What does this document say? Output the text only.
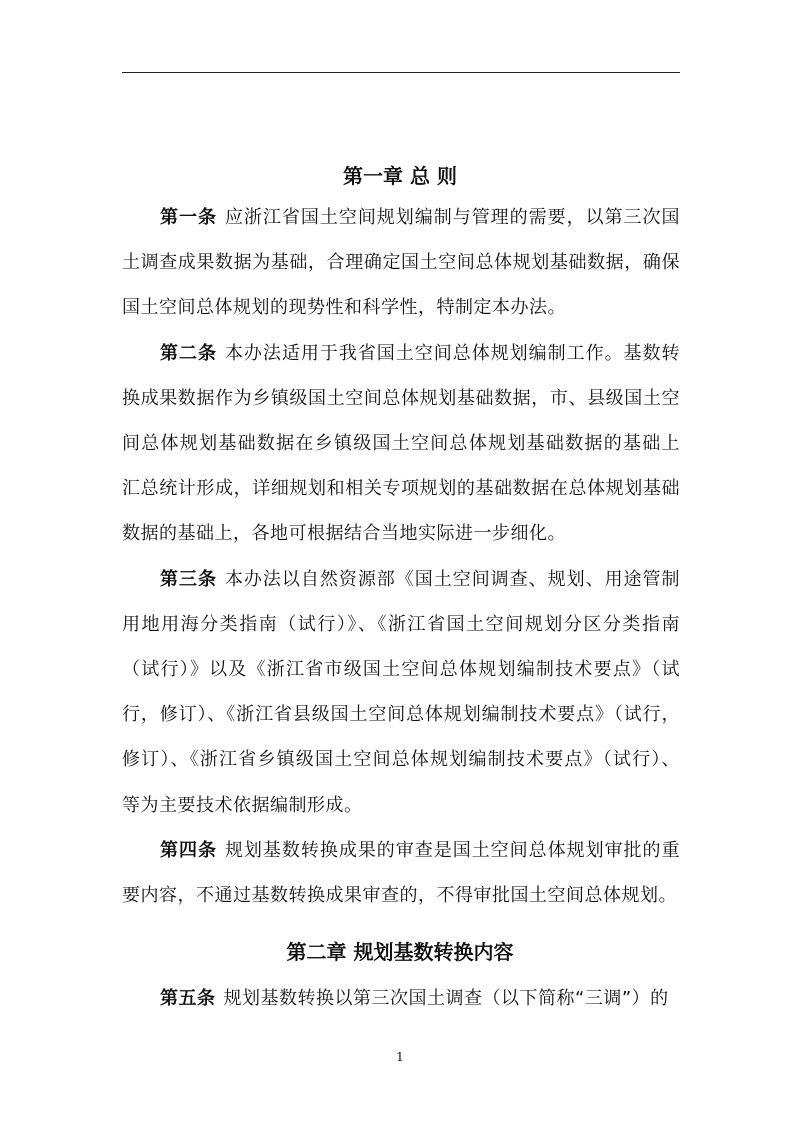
第一章 总 则
第一条 应浙江省国土空间规划编制与管理的需要，以第三次国
土调查成果数据为基础，合理确定国土空间总体规划基础数据，确保
国土空间总体规划的现势性和科学性，特制定本办法。
第二条 本办法适用于我省国土空间总体规划编制工作。基数转
换成果数据作为乡镇级国土空间总体规划基础数据，市、县级国土空
间总体规划基础数据在乡镇级国土空间总体规划基础数据的基础上
汇总统计形成，详细规划和相关专项规划的基础数据在总体规划基础
数据的基础上，各地可根据结合当地实际进一步细化。
第三条 本办法以自然资源部《国土空间调查、规划、用途管制
用地用海分类指南（试行）》、《浙江省国土空间规划分区分类指南
（试行）》以及《浙江省市级国土空间总体规划编制技术要点》（试
行，修订）、《浙江省县级国土空间总体规划编制技术要点》（试行，
修订）、《浙江省乡镇级国土空间总体规划编制技术要点》（试行）、
等为主要技术依据编制形成。
第四条 规划基数转换成果的审查是国土空间总体规划审批的重
要内容，不通过基数转换成果审查的，不得审批国土空间总体规划。
第二章 规划基数转换内容
第五条 规划基数转换以第三次国土调查（以下简称“三调”）的
1
